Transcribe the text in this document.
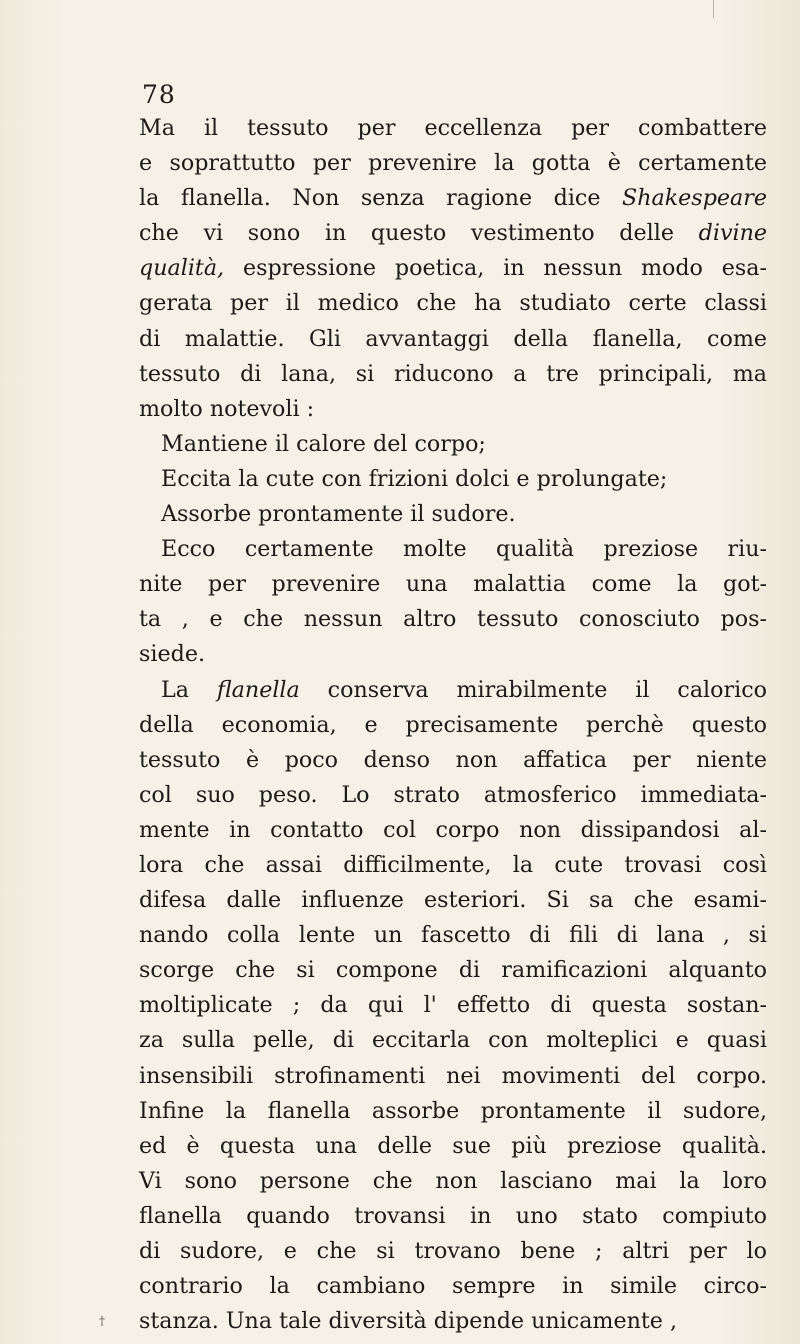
78
Ma il tessuto per eccellenza per combattere
e soprattutto per prevenire la gotta è certamente
la flanella. Non senza ragione dice Shakespeare
che vi sono in questo vestimento delle divine
qualità, espressione poetica, in nessun modo esa-
gerata per il medico che ha studiato certe classi
di malattie. Gli avvantaggi della flanella, come
tessuto di lana, si riducono a tre principali, ma
molto notevoli :
Mantiene il calore del corpo;
Eccita la cute con frizioni dolci e prolungate;
Assorbe prontamente il sudore.
Ecco certamente molte qualità preziose riu-
nite per prevenire una malattia come la got-
ta , e che nessun altro tessuto conosciuto pos-
siede.
La flanella conserva mirabilmente il calorico
della economia, e precisamente perchè questo
tessuto è poco denso non affatica per niente
col suo peso. Lo strato atmosferico immediata-
mente in contatto col corpo non dissipandosi al-
lora che assai difficilmente, la cute trovasi così
difesa dalle influenze esteriori. Si sa che esami-
nando colla lente un fascetto di fili di lana , si
scorge che si compone di ramificazioni alquanto
moltiplicate ; da qui l' effetto di questa sostan-
za sulla pelle, di eccitarla con molteplici e quasi
insensibili strofinamenti nei movimenti del corpo.
Infine la flanella assorbe prontamente il sudore,
ed è questa una delle sue più preziose qualità.
Vi sono persone che non lasciano mai la loro
flanella quando trovansi in uno stato compiuto
di sudore, e che si trovano bene ; altri per lo
contrario la cambiano sempre in simile circo-
stanza. Una tale diversità dipende unicamente ,
†
